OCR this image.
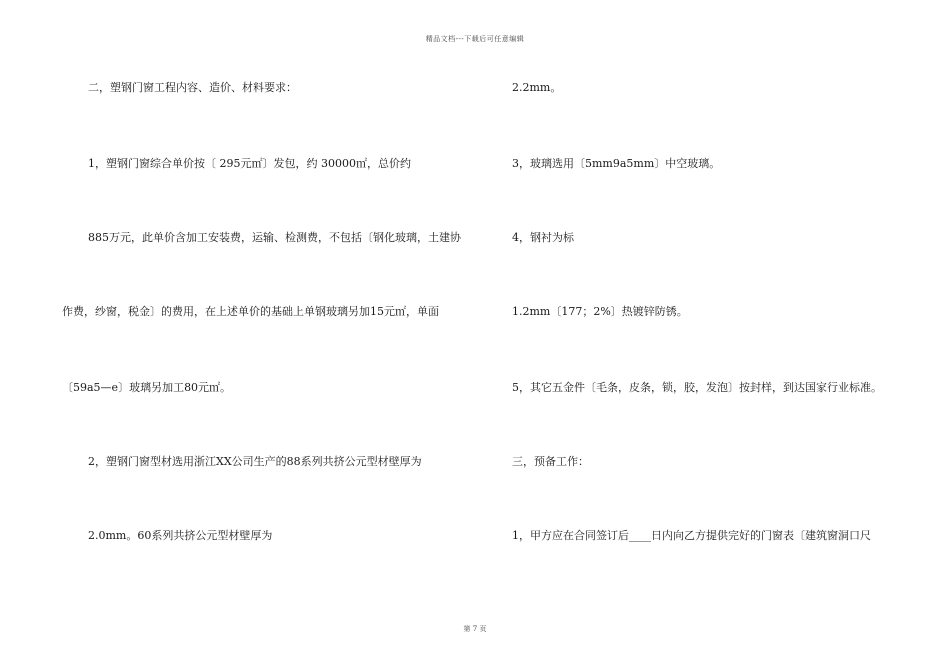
精品文档---下载后可任意编辑
二，塑钢门窗工程内容、造价、材料要求：
1，塑钢门窗综合单价按〔 295元㎡〕发包，约 30000㎡，总价约
885万元，此单价含加工安装费，运输、检测费，不包括〔钢化玻璃，土建协
作费，纱窗，税金〕的费用，在上述单价的基础上单钢玻璃另加15元㎡，单面
〔59a5—e〕玻璃另加工80元㎡。
2，塑钢门窗型材选用浙江XX公司生产的88系列共挤公元型材壁厚为
2.0mm。60系列共挤公元型材壁厚为
2.2mm。
3，玻璃选用〔5mm9a5mm〕中空玻璃。
4，钢衬为标
1.2mm〔177；2%〕热镀锌防锈。
5，其它五金件〔毛条，皮条，锁，胶，发泡〕按封样，到达国家行业标准。
三，预备工作：
1，甲方应在合同签订后____日内向乙方提供完好的门窗表〔建筑窗洞口尺
第 7 页
